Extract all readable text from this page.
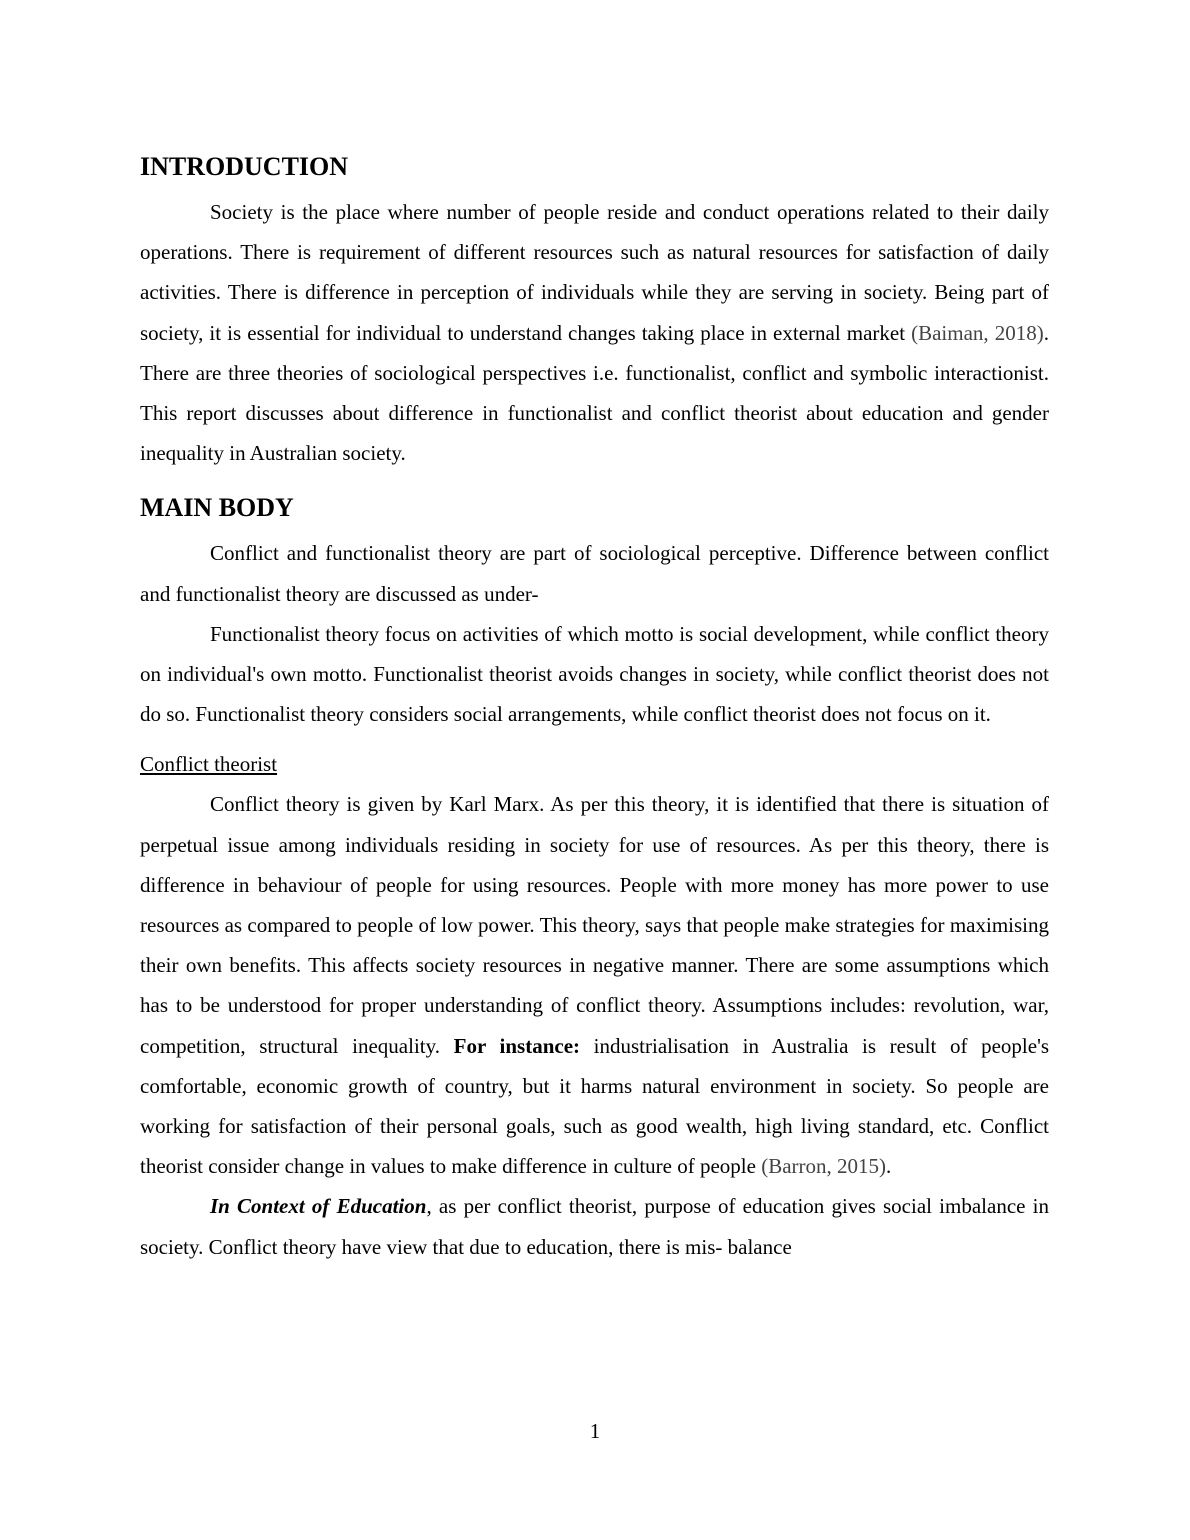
INTRODUCTION

Society is the place where number of people reside and conduct operations related to their daily operations. There is requirement of different resources such as natural resources for satisfaction of daily activities. There is difference in perception of individuals while they are serving in society. Being part of society, it is essential for individual to understand changes taking place in external market (Baiman, 2018). There are three theories of sociological perspectives i.e. functionalist, conflict and symbolic interactionist. This report discusses about difference in functionalist and conflict theorist about education and gender inequality in Australian society.

MAIN BODY

Conflict and functionalist theory are part of sociological perceptive. Difference between conflict and functionalist theory are discussed as under-

Functionalist theory focus on activities of which motto is social development, while conflict theory on individual's own motto. Functionalist theorist avoids changes in society, while conflict theorist does not do so. Functionalist theory considers social arrangements, while conflict theorist does not focus on it.

Conflict theorist

Conflict theory is given by Karl Marx. As per this theory, it is identified that there is situation of perpetual issue among individuals residing in society for use of resources. As per this theory, there is difference in behaviour of people for using resources. People with more money has more power to use resources as compared to people of low power. This theory, says that people make strategies for maximising their own benefits. This affects society resources in negative manner. There are some assumptions which has to be understood for proper understanding of conflict theory. Assumptions includes: revolution, war, competition, structural inequality. For instance: industrialisation in Australia is result of people's comfortable, economic growth of country, but it harms natural environment in society. So people are working for satisfaction of their personal goals, such as good wealth, high living standard, etc. Conflict theorist consider change in values to make difference in culture of people (Barron, 2015).

In Context of Education, as per conflict theorist, purpose of education gives social imbalance in society. Conflict theory have view that due to education, there is mis- balance

1
